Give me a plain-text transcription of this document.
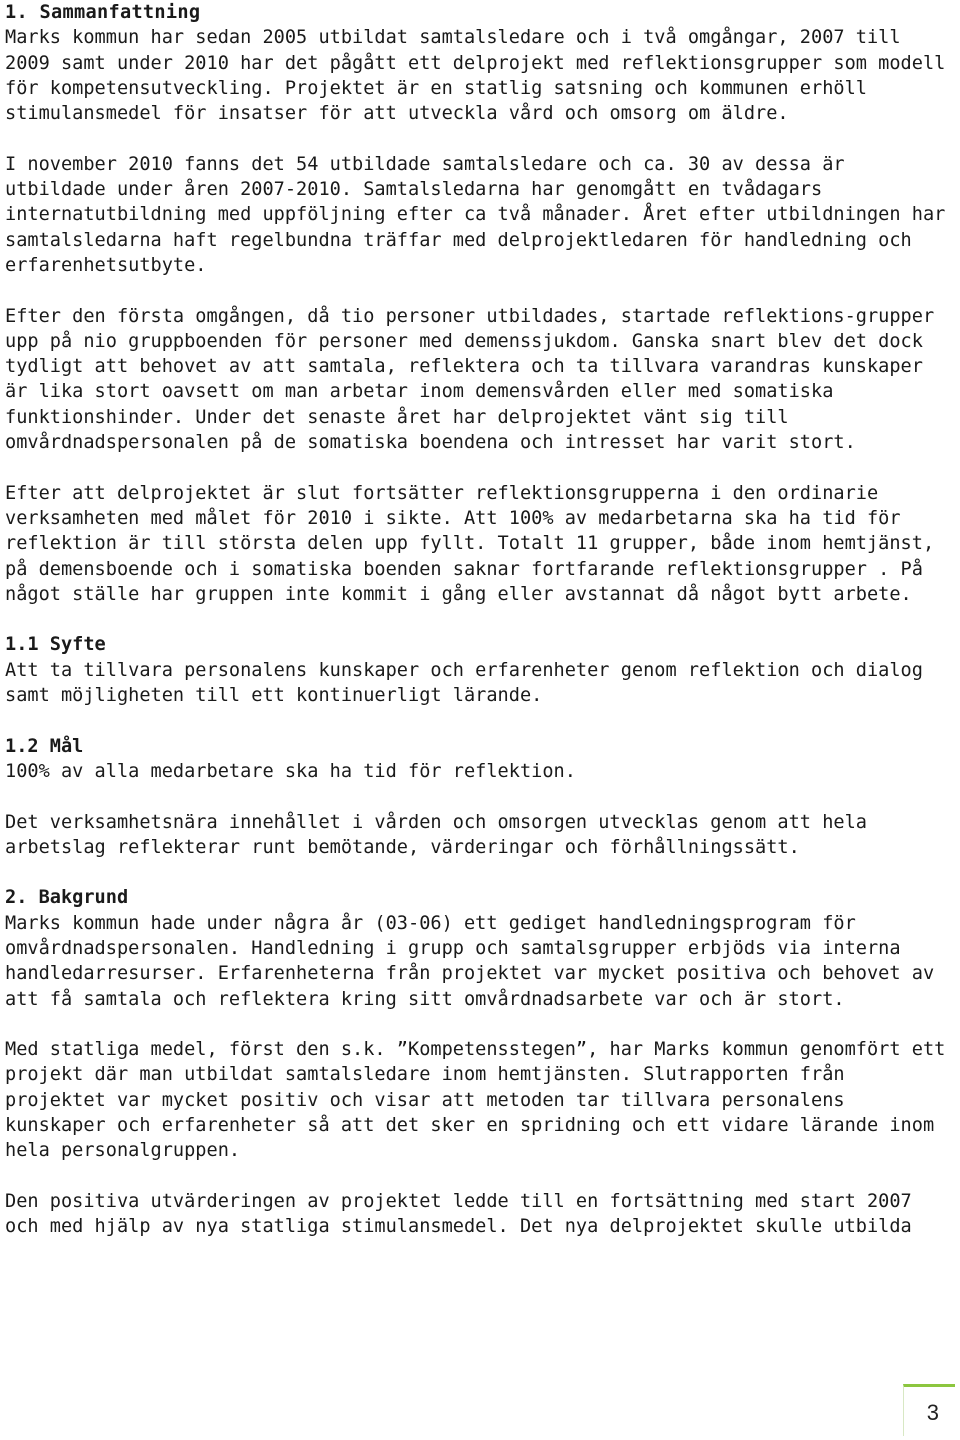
1. Sammanfattning

Marks kommun har sedan 2005 utbildat samtalsledare och i två omgångar, 2007 till 2009 samt under 2010 har det pågått ett delprojekt med reflektionsgrupper som modell för kompetensutveckling. Projektet är en statlig satsning och kommunen erhöll stimulansmedel för insatser för att utveckla vård och omsorg om äldre.

I november 2010 fanns det 54 utbildade samtalsledare och ca. 30 av dessa är utbildade under åren 2007-2010. Samtalsledarna har genomgått en tvådagars internatutbildning med uppföljning efter ca två månader. Året efter utbildningen har samtalsledarna haft regelbundna träffar med delprojektledaren för handledning och erfarenhetsutbyte.

Efter den första omgången, då tio personer utbildades, startade reflektions-grupper upp på nio gruppboenden för personer med demenssjukdom. Ganska snart blev det dock tydligt att behovet av att samtala, reflektera och ta tillvara varandras kunskaper är lika stort oavsett om man arbetar inom demensvården eller med somatiska funktionshinder. Under det senaste året har delprojektet vänt sig till omvårdnadspersonalen på de somatiska boendena och intresset har varit stort.

Efter att delprojektet är slut fortsätter reflektionsgrupperna i den ordinarie verksamheten med målet för 2010 i sikte. Att 100% av medarbetarna ska ha tid för reflektion är till största delen upp fyllt. Totalt 11 grupper, både inom hemtjänst, på demensboende och i somatiska boenden saknar fortfarande reflektionsgrupper . På något ställe har gruppen inte kommit i gång eller avstannat då något bytt arbete.

1.1 Syfte

Att ta tillvara personalens kunskaper och erfarenheter genom reflektion och dialog samt möjligheten till ett kontinuerligt lärande.

1.2 Mål

100% av alla medarbetare ska ha tid för reflektion.

Det verksamhetsnära innehållet i vården och omsorgen utvecklas genom att hela arbetslag reflekterar runt bemötande, värderingar och förhållningssätt.

2. Bakgrund

Marks kommun hade under några år (03-06) ett gediget handledningsprogram för omvårdnadspersonalen. Handledning i grupp och samtalsgrupper erbjöds via interna handledarresurser. Erfarenheterna från projektet var mycket positiva och behovet av att få samtala och reflektera kring sitt omvårdnadsarbete var och är stort.

Med statliga medel, först den s.k. ”Kompetensstegen”, har Marks kommun genomfört ett projekt där man utbildat samtalsledare inom hemtjänsten. Slutrapporten från projektet var mycket positiv och visar att metoden tar tillvara personalens kunskaper och erfarenheter så att det sker en spridning och ett vidare lärande inom hela personalgruppen.

Den positiva utvärderingen av projektet ledde till en fortsättning med start 2007 och med hjälp av nya statliga stimulansmedel. Det nya delprojektet skulle utbilda

3
